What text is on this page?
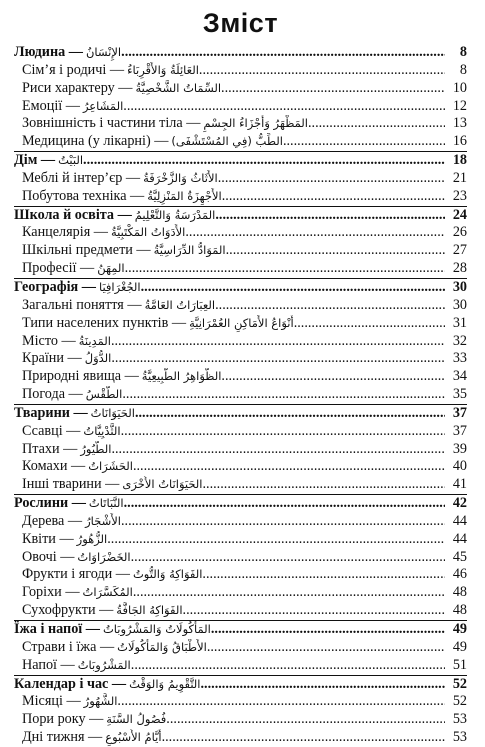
Зміст
Людина — الإِنْسَانُ .....	8
Сім’я і родичі — العَائِلَةُ وَالأَقْرِبَاءُ .....	8
Риси характеру — السِّمَاتُ الشَّخْصِيَّةُ .....	10
Емоції — المَشَاعِرُ .....	12
Зовнішність і частини тіла — المَظْهَرُ وَأَجْزَاءُ الجِسْمِ .....	13
Медицина (у лікарні) — الطِّبُّ (فِي المُسْتَشْفَى) .....	16
Дім — البَيْتُ .....	18
Меблі й інтер’єр — الأَثَاثُ وَالزَّخْرَفَةُ .....	21
Побутова техніка — الأَجْهِزَةُ المَنْزِلِيَّةُ .....	23
Школа й освіта — المَدْرَسَةُ وَالتَّعْلِيمُ .....	24
Канцелярія — الأَدَوَاتُ المَكْتَبِيَّةُ .....	26
Шкільні предмети — المَوَادُّ الدِّرَاسِيَّةُ .....	27
Професії — المِهَنُ .....	28
Географія — الجُغْرَافِيَا .....	30
Загальні поняття — العِبَارَاتُ العَامَّةُ .....	30
Типи населених пунктів — أَنْوَاعُ الأَمَاكِنِ العُمْرَانِيَّةِ .....	31
Місто — المَدِينَةُ .....	32
Країни — الدُّوَلُ .....	33
Природні явища — الظَّوَاهِرُ الطَّبِيعِيَّةُ .....	34
Погода — الطَّقْسُ .....	35
Тварини — الحَيَوَانَاتُ .....	37
Ссавці — الثَّدْيِيَّاتُ .....	37
Птахи — الطُّيُورُ .....	39
Комахи — الحَشَرَاتُ .....	40
Інші тварини — الحَيَوَانَاتُ الأُخْرَى .....	41
Рослини — النَّبَاتَاتُ .....	42
Дерева — الأَشْجَارُ .....	44
Квіти — الزُّهُورُ .....	44
Овочі — الخَضْرَاوَاتُ .....	45
Фрукти і ягоди — الفَوَاكِهُ وَالتُّوتُ .....	46
Горіхи — المُكَسَّرَاتُ .....	48
Сухофрукти — الفَوَاكِهُ الجَافَّةُ .....	48
Їжа і напої — المَأْكُولَاتُ وَالمَشْرُوبَاتُ .....	49
Страви і їжа — الأَطْبَاقُ وَالمَأْكُولَاتُ .....	49
Напої — المَشْرُوبَاتُ .....	51
Календар і час — التَّقْوِيمُ وَالوَقْتُ .....	52
Місяці — الشُّهُورُ .....	52
Пори року — فُصُولُ السَّنَةِ .....	53
Дні тижня — أَيَّامُ الأُسْبُوعِ .....	53
